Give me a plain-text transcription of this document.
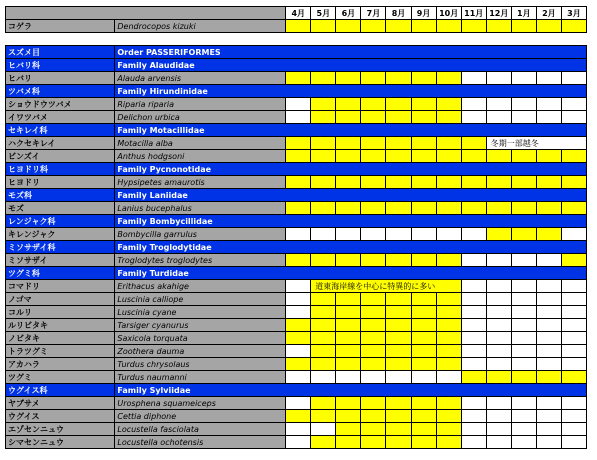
		4月	5月	6月	7月	8月	9月	10月	11月	12月	1月	2月	3月
コゲラ	Dendrocopos kizuki												

スズメ目	Order PASSERIFORMES												
ヒバリ科	Family Alaudidae												
ヒバリ	Alauda arvensis												
ツバメ科	Family Hirundinidae												
ショウドウツバメ	Riparia riparia												
イワツバメ	Delichon urbica												
セキレイ科	Family Motacillidae												
ハクセキレイ	Motacilla alba									冬期一部越冬			
ビンズイ	Anthus hodgsoni												
ヒヨドリ科	Family Pycnonotidae												
ヒヨドリ	Hypsipetes amaurotis												
モズ科	Family Laniidae												
モズ	Lanius bucephalus												
レンジャク科	Family Bombycillidae												
キレンジャク	Bombycilla garrulus												
ミソサザイ科	Family Troglodytidae												
ミソサザイ	Troglodytes troglodytes												
ツグミ科	Family Turdidae												
コマドリ	Erithacus akahige		道東海岸線を中心に特異的に多い										
ノゴマ	Luscinia calliope												
コルリ	Luscinia cyane												
ルリビタキ	Tarsiger cyanurus												
ノビタキ	Saxicola torquata												
トラツグミ	Zoothera dauma												
アカハラ	Turdus chrysolaus												
ツグミ	Turdus naumanni												
ウグイス科	Family Sylviidae												
ヤブサメ	Urosphena squameiceps												
ウグイス	Cettia diphone												
エゾセンニュウ	Locustella fasciolata												
シマセンニュウ	Locustella ochotensis												
